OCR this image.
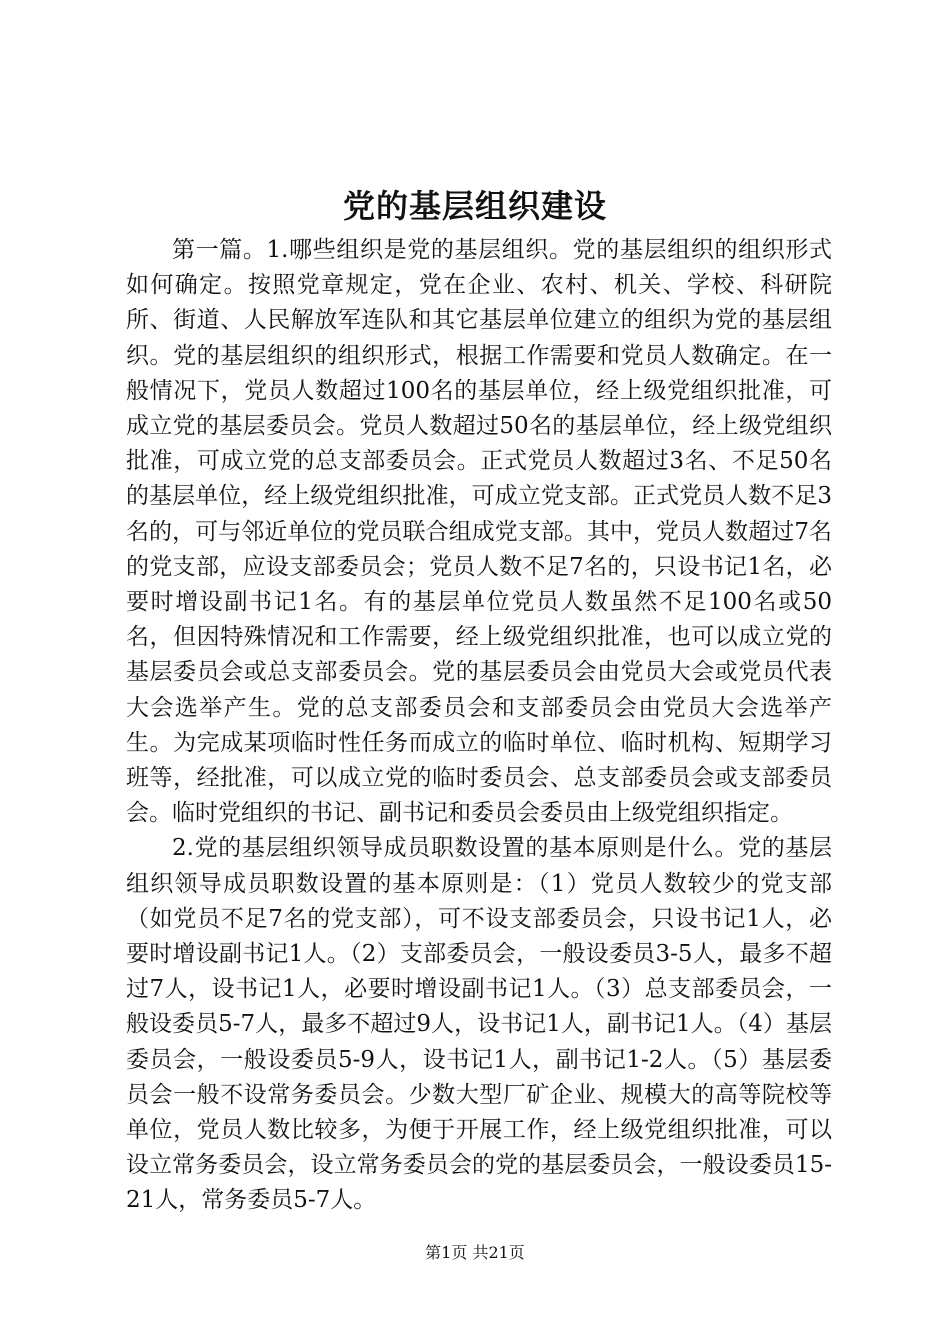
党的基层组织建设

第一篇。1.哪些组织是党的基层组织。党的基层组织的组织形式如何确定。按照党章规定，党在企业、农村、机关、学校、科研院所、街道、人民解放军连队和其它基层单位建立的组织为党的基层组织。党的基层组织的组织形式，根据工作需要和党员人数确定。在一般情况下，党员人数超过100名的基层单位，经上级党组织批准，可成立党的基层委员会。党员人数超过50名的基层单位，经上级党组织批准，可成立党的总支部委员会。正式党员人数超过3名、不足50名的基层单位，经上级党组织批准，可成立党支部。正式党员人数不足3名的，可与邻近单位的党员联合组成党支部。其中，党员人数超过7名的党支部，应设支部委员会；党员人数不足7名的，只设书记1名，必要时增设副书记1名。有的基层单位党员人数虽然不足100名或50名，但因特殊情况和工作需要，经上级党组织批准，也可以成立党的基层委员会或总支部委员会。党的基层委员会由党员大会或党员代表大会选举产生。党的总支部委员会和支部委员会由党员大会选举产生。为完成某项临时性任务而成立的临时单位、临时机构、短期学习班等，经批准，可以成立党的临时委员会、总支部委员会或支部委员会。临时党组织的书记、副书记和委员会委员由上级党组织指定。

2.党的基层组织领导成员职数设置的基本原则是什么。党的基层组织领导成员职数设置的基本原则是：（1）党员人数较少的党支部（如党员不足7名的党支部），可不设支部委员会，只设书记1人，必要时增设副书记1人。（2）支部委员会，一般设委员3-5人，最多不超过7人，设书记1人，必要时增设副书记1人。（3）总支部委员会，一般设委员5-7人，最多不超过9人，设书记1人，副书记1人。（4）基层委员会，一般设委员5-9人，设书记1人，副书记1-2人。（5）基层委员会一般不设常务委员会。少数大型厂矿企业、规模大的高等院校等单位，党员人数比较多，为便于开展工作，经上级党组织批准，可以设立常务委员会，设立常务委员会的党的基层委员会，一般设委员15-21人，常务委员5-7人。

第1页 共21页
